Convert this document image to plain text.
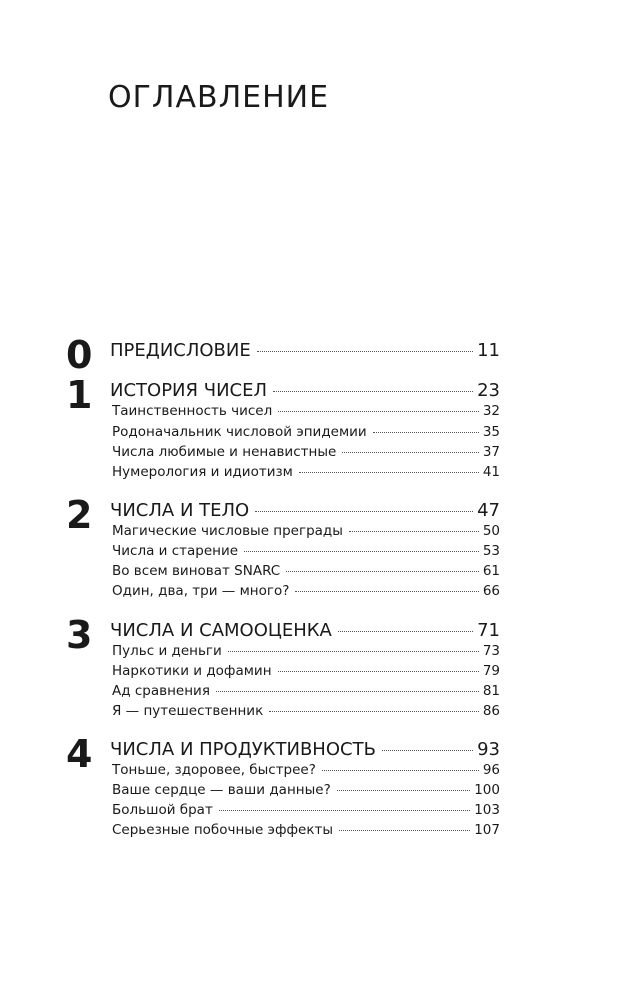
ОГЛАВЛЕНИЕ
0 ПРЕДИСЛОВИЕ	11
1 ИСТОРИЯ ЧИСЕЛ	23
Таинственность чисел	32
Родоначальник числовой эпидемии	35
Числа любимые и ненавистные	37
Нумерология и идиотизм	41
2 ЧИСЛА И ТЕЛО	47
Магические числовые преграды	50
Числа и старение	53
Во всем виноват SNARC	61
Один, два, три — много?	66
3 ЧИСЛА И САМООЦЕНКА	71
Пульс и деньги	73
Наркотики и дофамин	79
Ад сравнения	81
Я — путешественник	86
4 ЧИСЛА И ПРОДУКТИВНОСТЬ	93
Тоньше, здоровее, быстрее?	96
Ваше сердце — ваши данные?	100
Большой брат	103
Серьезные побочные эффекты	107
